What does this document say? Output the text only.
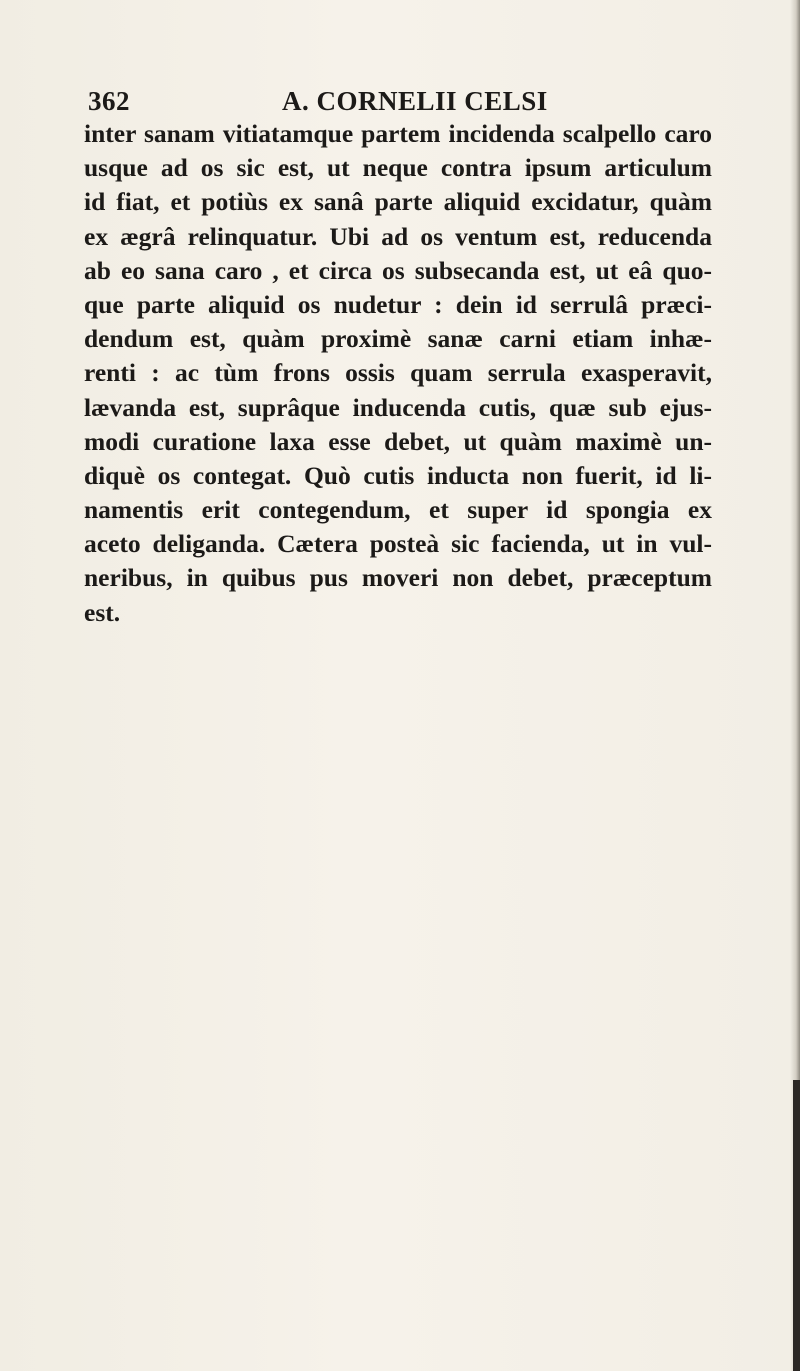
362	A. CORNELII CELSI
inter sanam vitiatamque partem incidenda scalpello caro
usque ad os sic est, ut neque contra ipsum articulum
id fiat, et potiùs ex sanâ parte aliquid excidatur, quàm
ex ægrâ relinquatur. Ubi ad os ventum est, reducenda
ab eo sana caro , et circa os subsecanda est, ut eâ quo-
que parte aliquid os nudetur : dein id serrulâ præci-
dendum est, quàm proximè sanæ carni etiam inhæ-
renti : ac tùm frons ossis quam serrula exasperavit,
lævanda est, suprâque inducenda cutis, quæ sub ejus-
modi curatione laxa esse debet, ut quàm maximè un-
diquè os contegat. Quò cutis inducta non fuerit, id li-
namentis erit contegendum, et super id spongia ex
aceto deliganda. Cætera posteà sic facienda, ut in vul-
neribus, in quibus pus moveri non debet, præceptum
est.
